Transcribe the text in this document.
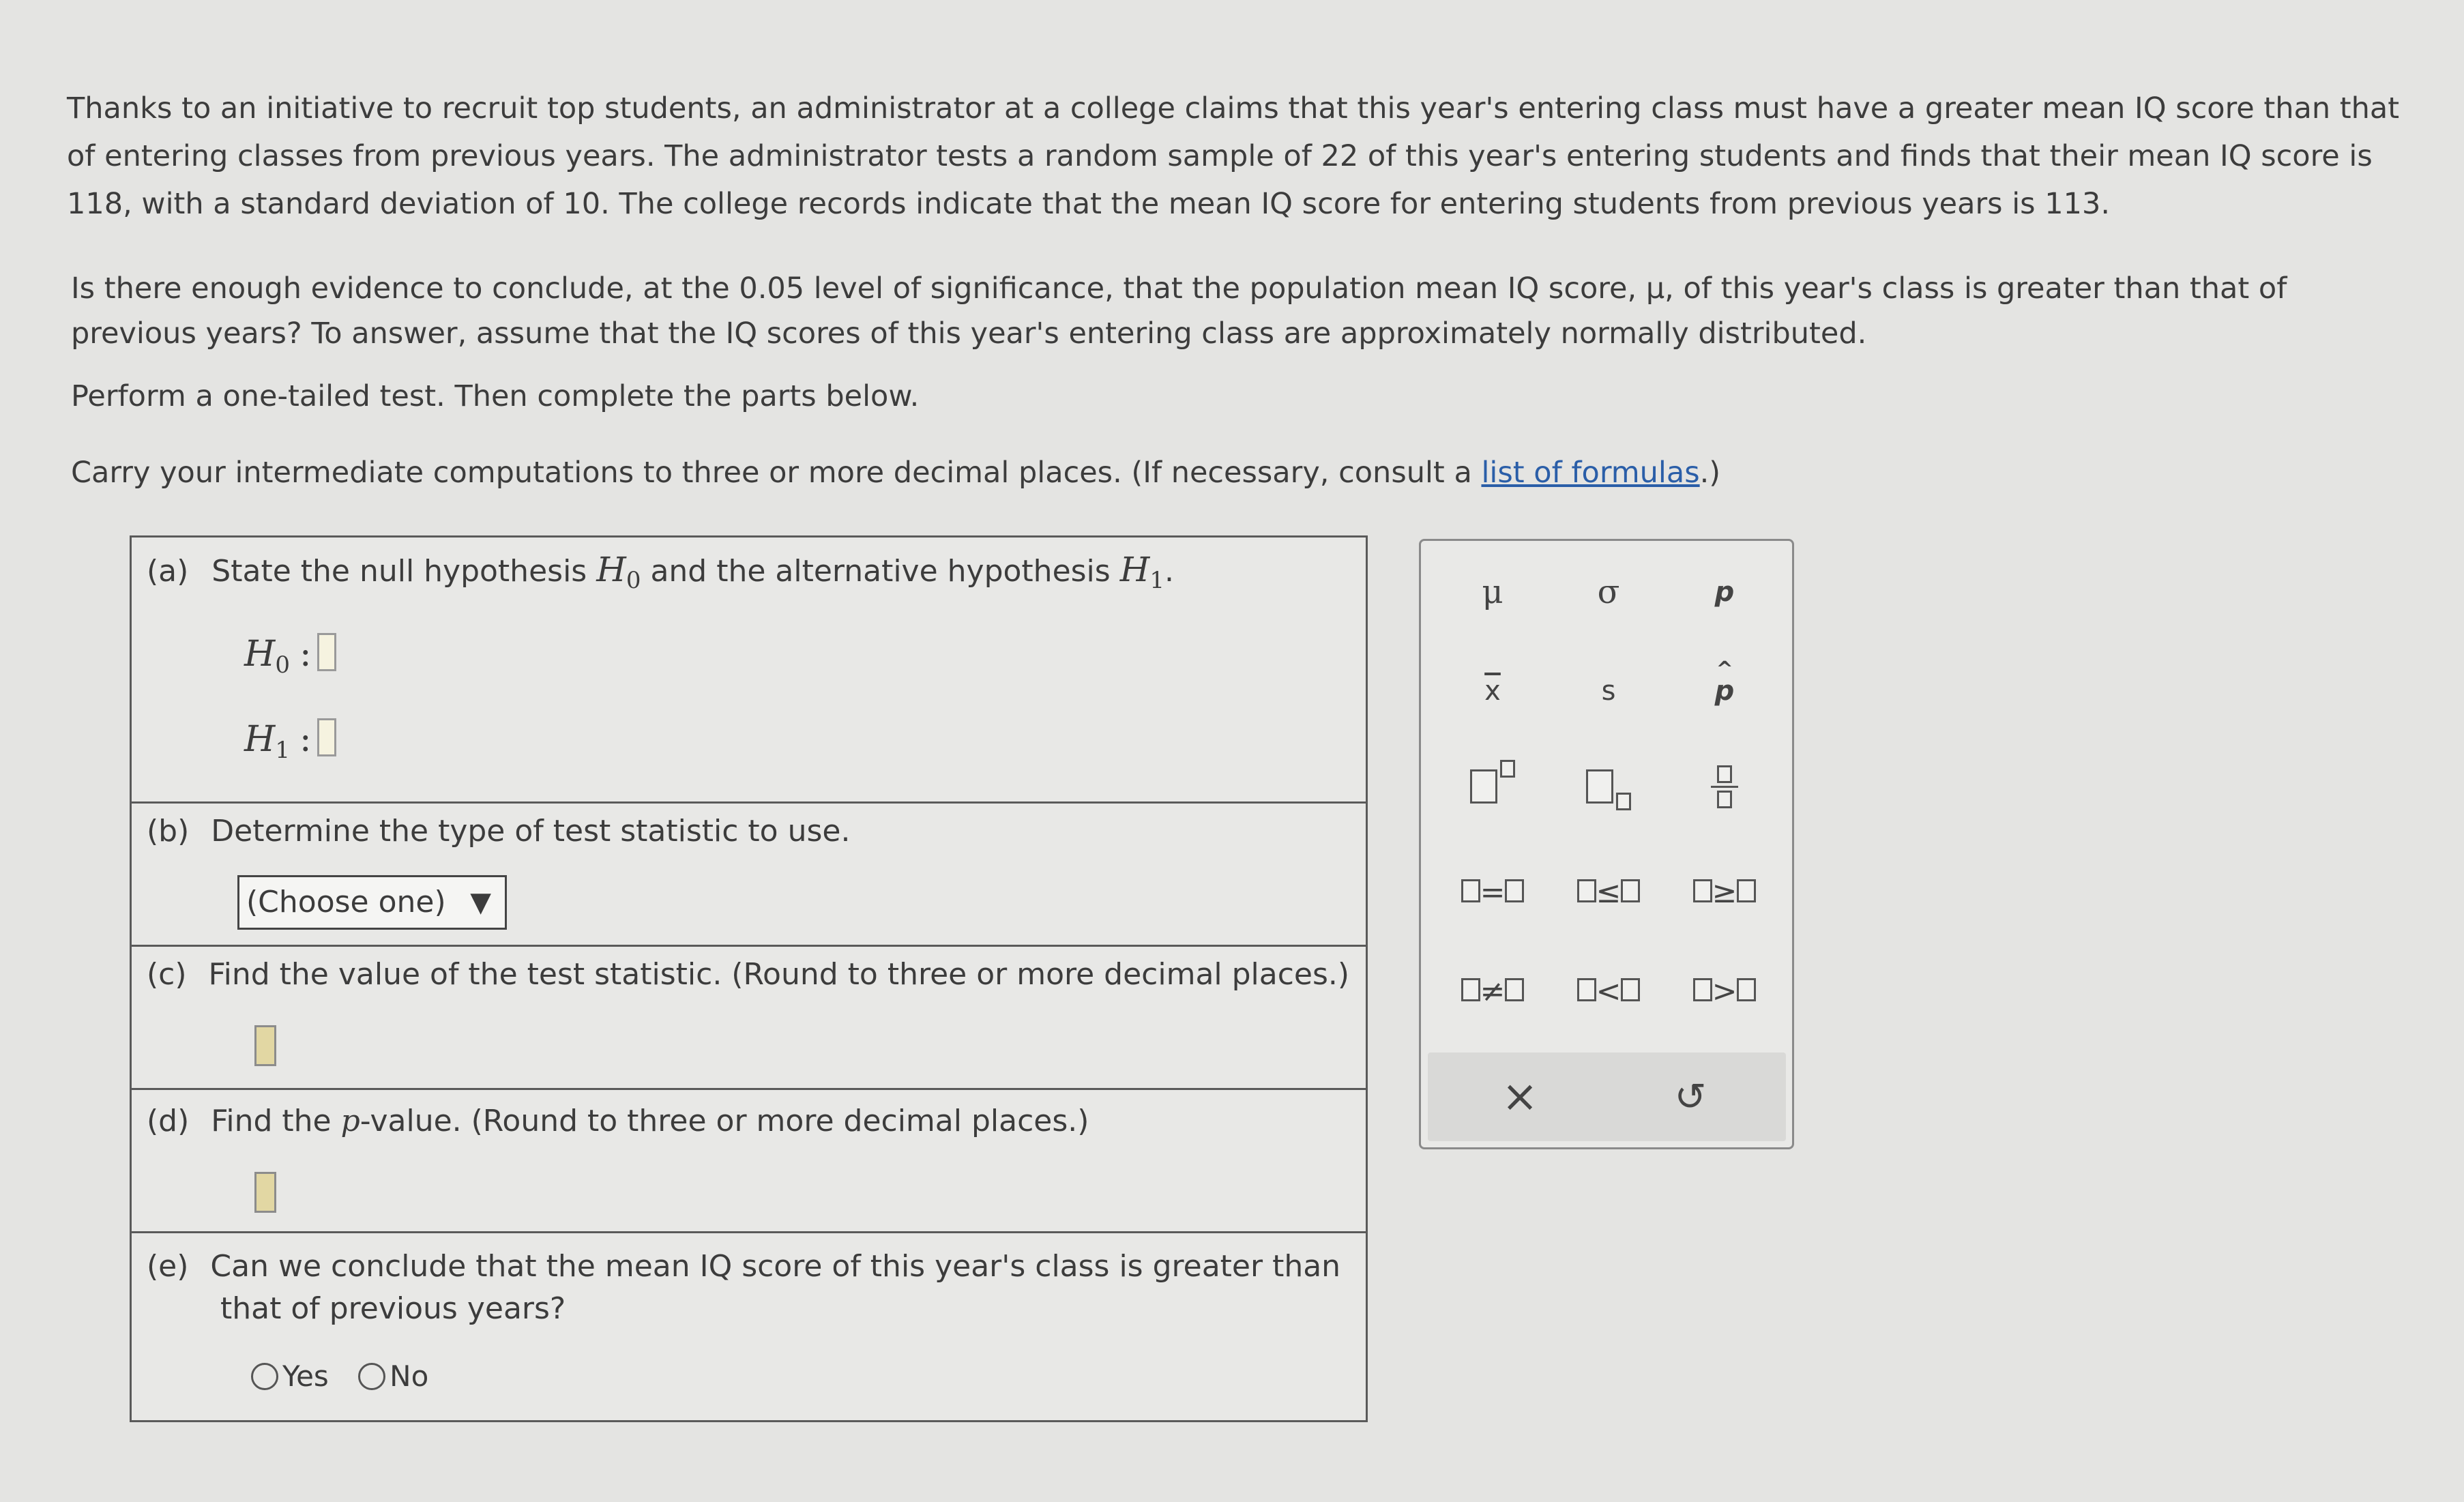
Thanks to an initiative to recruit top students, an administrator at a college claims that this year's entering class must have a greater mean IQ score than that of entering classes from previous years. The administrator tests a random sample of 22 of this year's entering students and finds that their mean IQ score is 118, with a standard deviation of 10. The college records indicate that the mean IQ score for entering students from previous years is 113.

Is there enough evidence to conclude, at the 0.05 level of significance, that the population mean IQ score, μ, of this year's class is greater than that of previous years? To answer, assume that the IQ scores of this year's entering class are approximately normally distributed.

Perform a one-tailed test. Then complete the parts below.

Carry your intermediate computations to three or more decimal places. (If necessary, consult a list of formulas.)

(a) State the null hypothesis $H_0$ and the alternative hypothesis $H_1$.
$H_0$ :
$H_1$ :
(b) Determine the type of test statistic to use.
(Choose one) ▼
(c) Find the value of the test statistic. (Round to three or more decimal places.)
(d) Find the p-value. (Round to three or more decimal places.)
(e) Can we conclude that the mean IQ score of this year's class is greater than
that of previous years?
Yes No
μ	σ	p
$\overline{x}$	s
^
p
=	≤	≥
≠	<	>
×	↺
